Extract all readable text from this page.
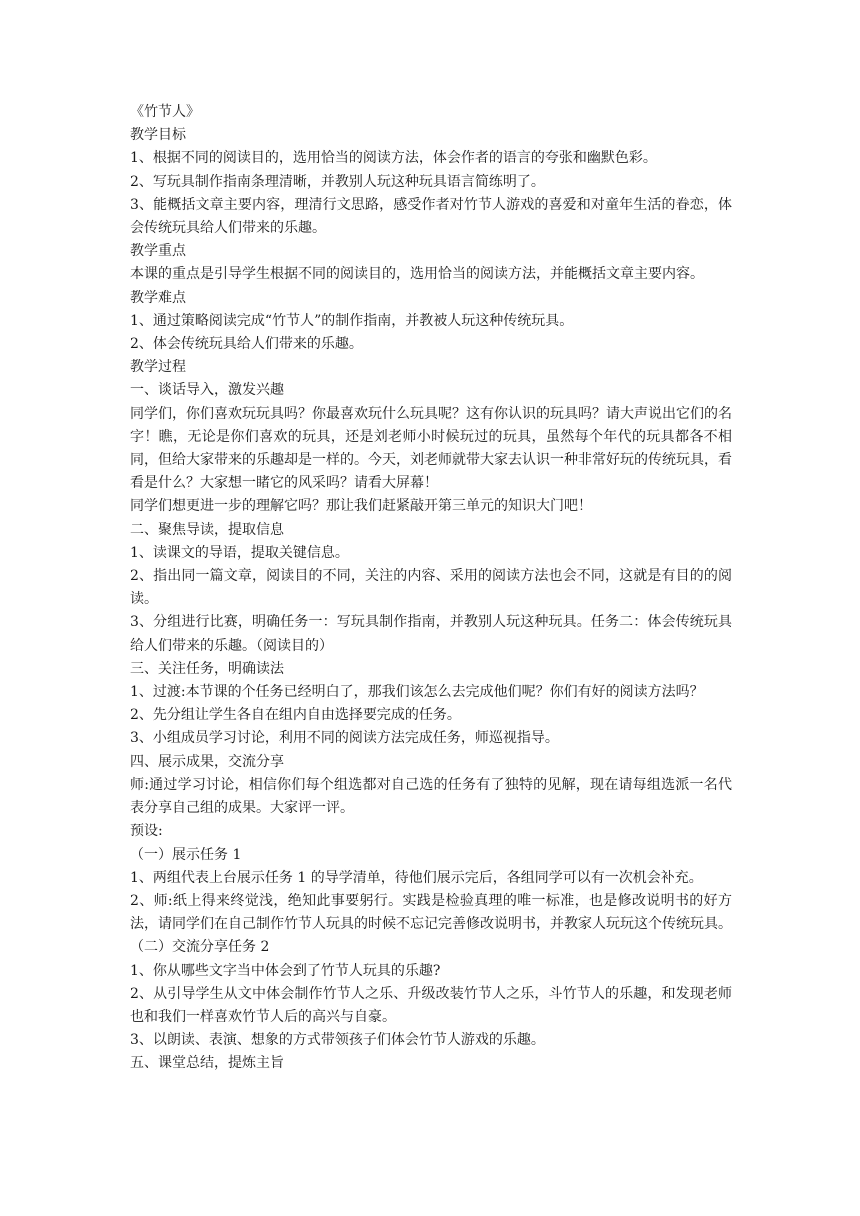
《竹节人》

教学目标

1、根据不同的阅读目的，选用恰当的阅读方法，体会作者的语言的夸张和幽默色彩。

2、写玩具制作指南条理清晰，并教别人玩这种玩具语言简练明了。

3、能概括文章主要内容，理清行文思路，感受作者对竹节人游戏的喜爱和对童年生活的眷恋，体会传统玩具给人们带来的乐趣。

教学重点

本课的重点是引导学生根据不同的阅读目的，选用恰当的阅读方法，并能概括文章主要内容。

教学难点

1、通过策略阅读完成“竹节人”的制作指南，并教被人玩这种传统玩具。

2、体会传统玩具给人们带来的乐趣。

教学过程

一、谈话导入，激发兴趣

同学们，你们喜欢玩玩具吗？你最喜欢玩什么玩具呢？这有你认识的玩具吗？请大声说出它们的名字！瞧，无论是你们喜欢的玩具，还是刘老师小时候玩过的玩具，虽然每个年代的玩具都各不相同，但给大家带来的乐趣却是一样的。今天，刘老师就带大家去认识一种非常好玩的传统玩具，看看是什么？大家想一睹它的风采吗？请看大屏幕！

同学们想更进一步的理解它吗？那让我们赶紧敲开第三单元的知识大门吧！

二、聚焦导读，提取信息

1、读课文的导语，提取关键信息。

2、指出同一篇文章，阅读目的不同，关注的内容、采用的阅读方法也会不同，这就是有目的的阅读。

3、分组进行比赛，明确任务一：写玩具制作指南，并教别人玩这种玩具。任务二：体会传统玩具给人们带来的乐趣。（阅读目的）

三、关注任务，明确读法

1、过渡:本节课的个任务已经明白了，那我们该怎么去完成他们呢？你们有好的阅读方法吗？

2、先分组让学生各自在组内自由选择要完成的任务。

3、小组成员学习讨论，利用不同的阅读方法完成任务，师巡视指导。

四、展示成果，交流分享

师:通过学习讨论，相信你们每个组选都对自己选的任务有了独特的见解，现在请每组选派一名代表分享自己组的成果。大家评一评。

预设:

（一）展示任务 1

1、两组代表上台展示任务 1 的导学清单，待他们展示完后，各组同学可以有一次机会补充。

2、师:纸上得来终觉浅，绝知此事要躬行。实践是检验真理的唯一标准，也是修改说明书的好方法，请同学们在自己制作竹节人玩具的时候不忘记完善修改说明书，并教家人玩玩这个传统玩具。

（二）交流分享任务 2

1、你从哪些文字当中体会到了竹节人玩具的乐趣?

2、从引导学生从文中体会制作竹节人之乐、升级改装竹节人之乐，斗竹节人的乐趣，和发现老师也和我们一样喜欢竹节人后的高兴与自豪。

3、以朗读、表演、想象的方式带领孩子们体会竹节人游戏的乐趣。

五、课堂总结，提炼主旨
